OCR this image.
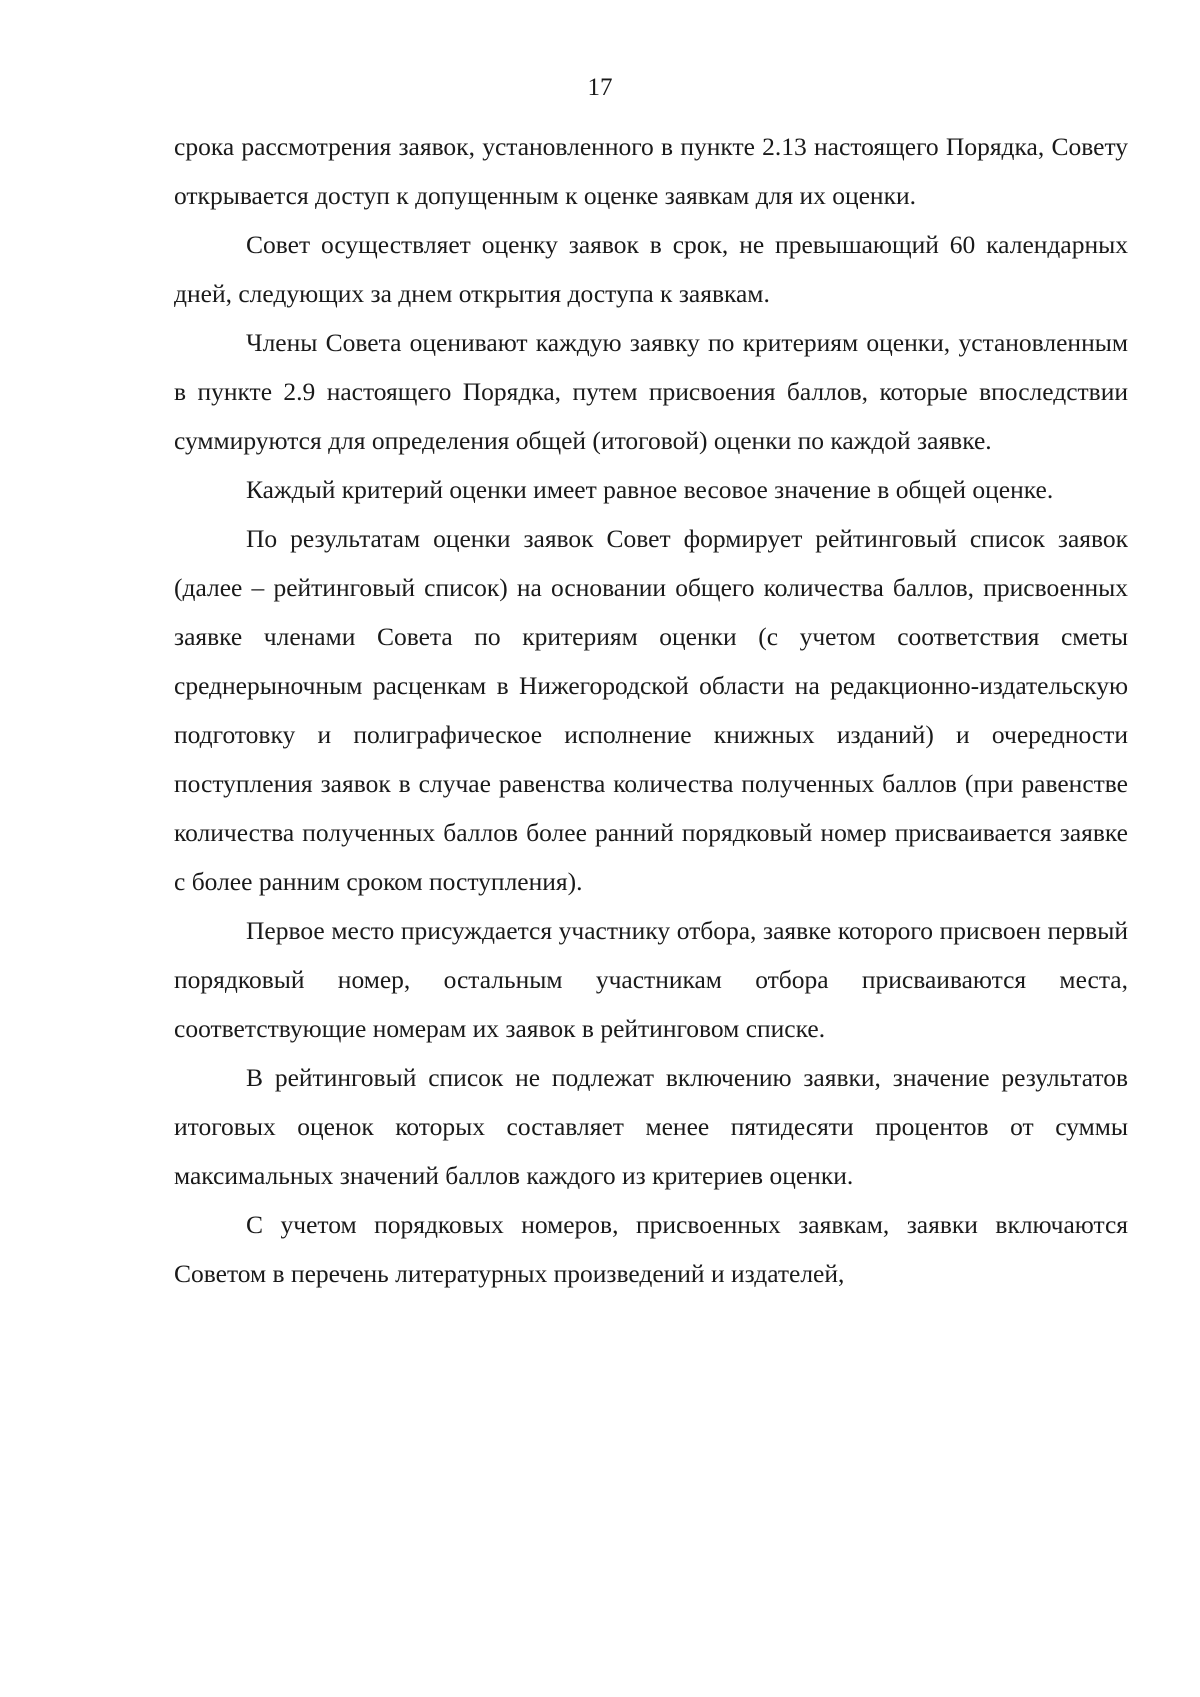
17

срока рассмотрения заявок, установленного в пункте 2.13 настоящего Порядка, Совету открывается доступ к допущенным к оценке заявкам для их оценки.

Совет осуществляет оценку заявок в срок, не превышающий 60 календарных дней, следующих за днем открытия доступа к заявкам.

Члены Совета оценивают каждую заявку по критериям оценки, установленным в пункте 2.9 настоящего Порядка, путем присвоения баллов, которые впоследствии суммируются для определения общей (итоговой) оценки по каждой заявке.

Каждый критерий оценки имеет равное весовое значение в общей оценке.

По результатам оценки заявок Совет формирует рейтинговый список заявок (далее – рейтинговый список) на основании общего количества баллов, присвоенных заявке членами Совета по критериям оценки (с учетом соответствия сметы среднерыночным расценкам в Нижегородской области на редакционно-издательскую подготовку и полиграфическое исполнение книжных изданий) и очередности поступления заявок в случае равенства количества полученных баллов (при равенстве количества полученных баллов более ранний порядковый номер присваивается заявке с более ранним сроком поступления).

Первое место присуждается участнику отбора, заявке которого присвоен первый порядковый номер, остальным участникам отбора присваиваются места, соответствующие номерам их заявок в рейтинговом списке.

В рейтинговый список не подлежат включению заявки, значение результатов итоговых оценок которых составляет менее пятидесяти процентов от суммы максимальных значений баллов каждого из критериев оценки.

С учетом порядковых номеров, присвоенных заявкам, заявки включаются Советом в перечень литературных произведений и издателей,
